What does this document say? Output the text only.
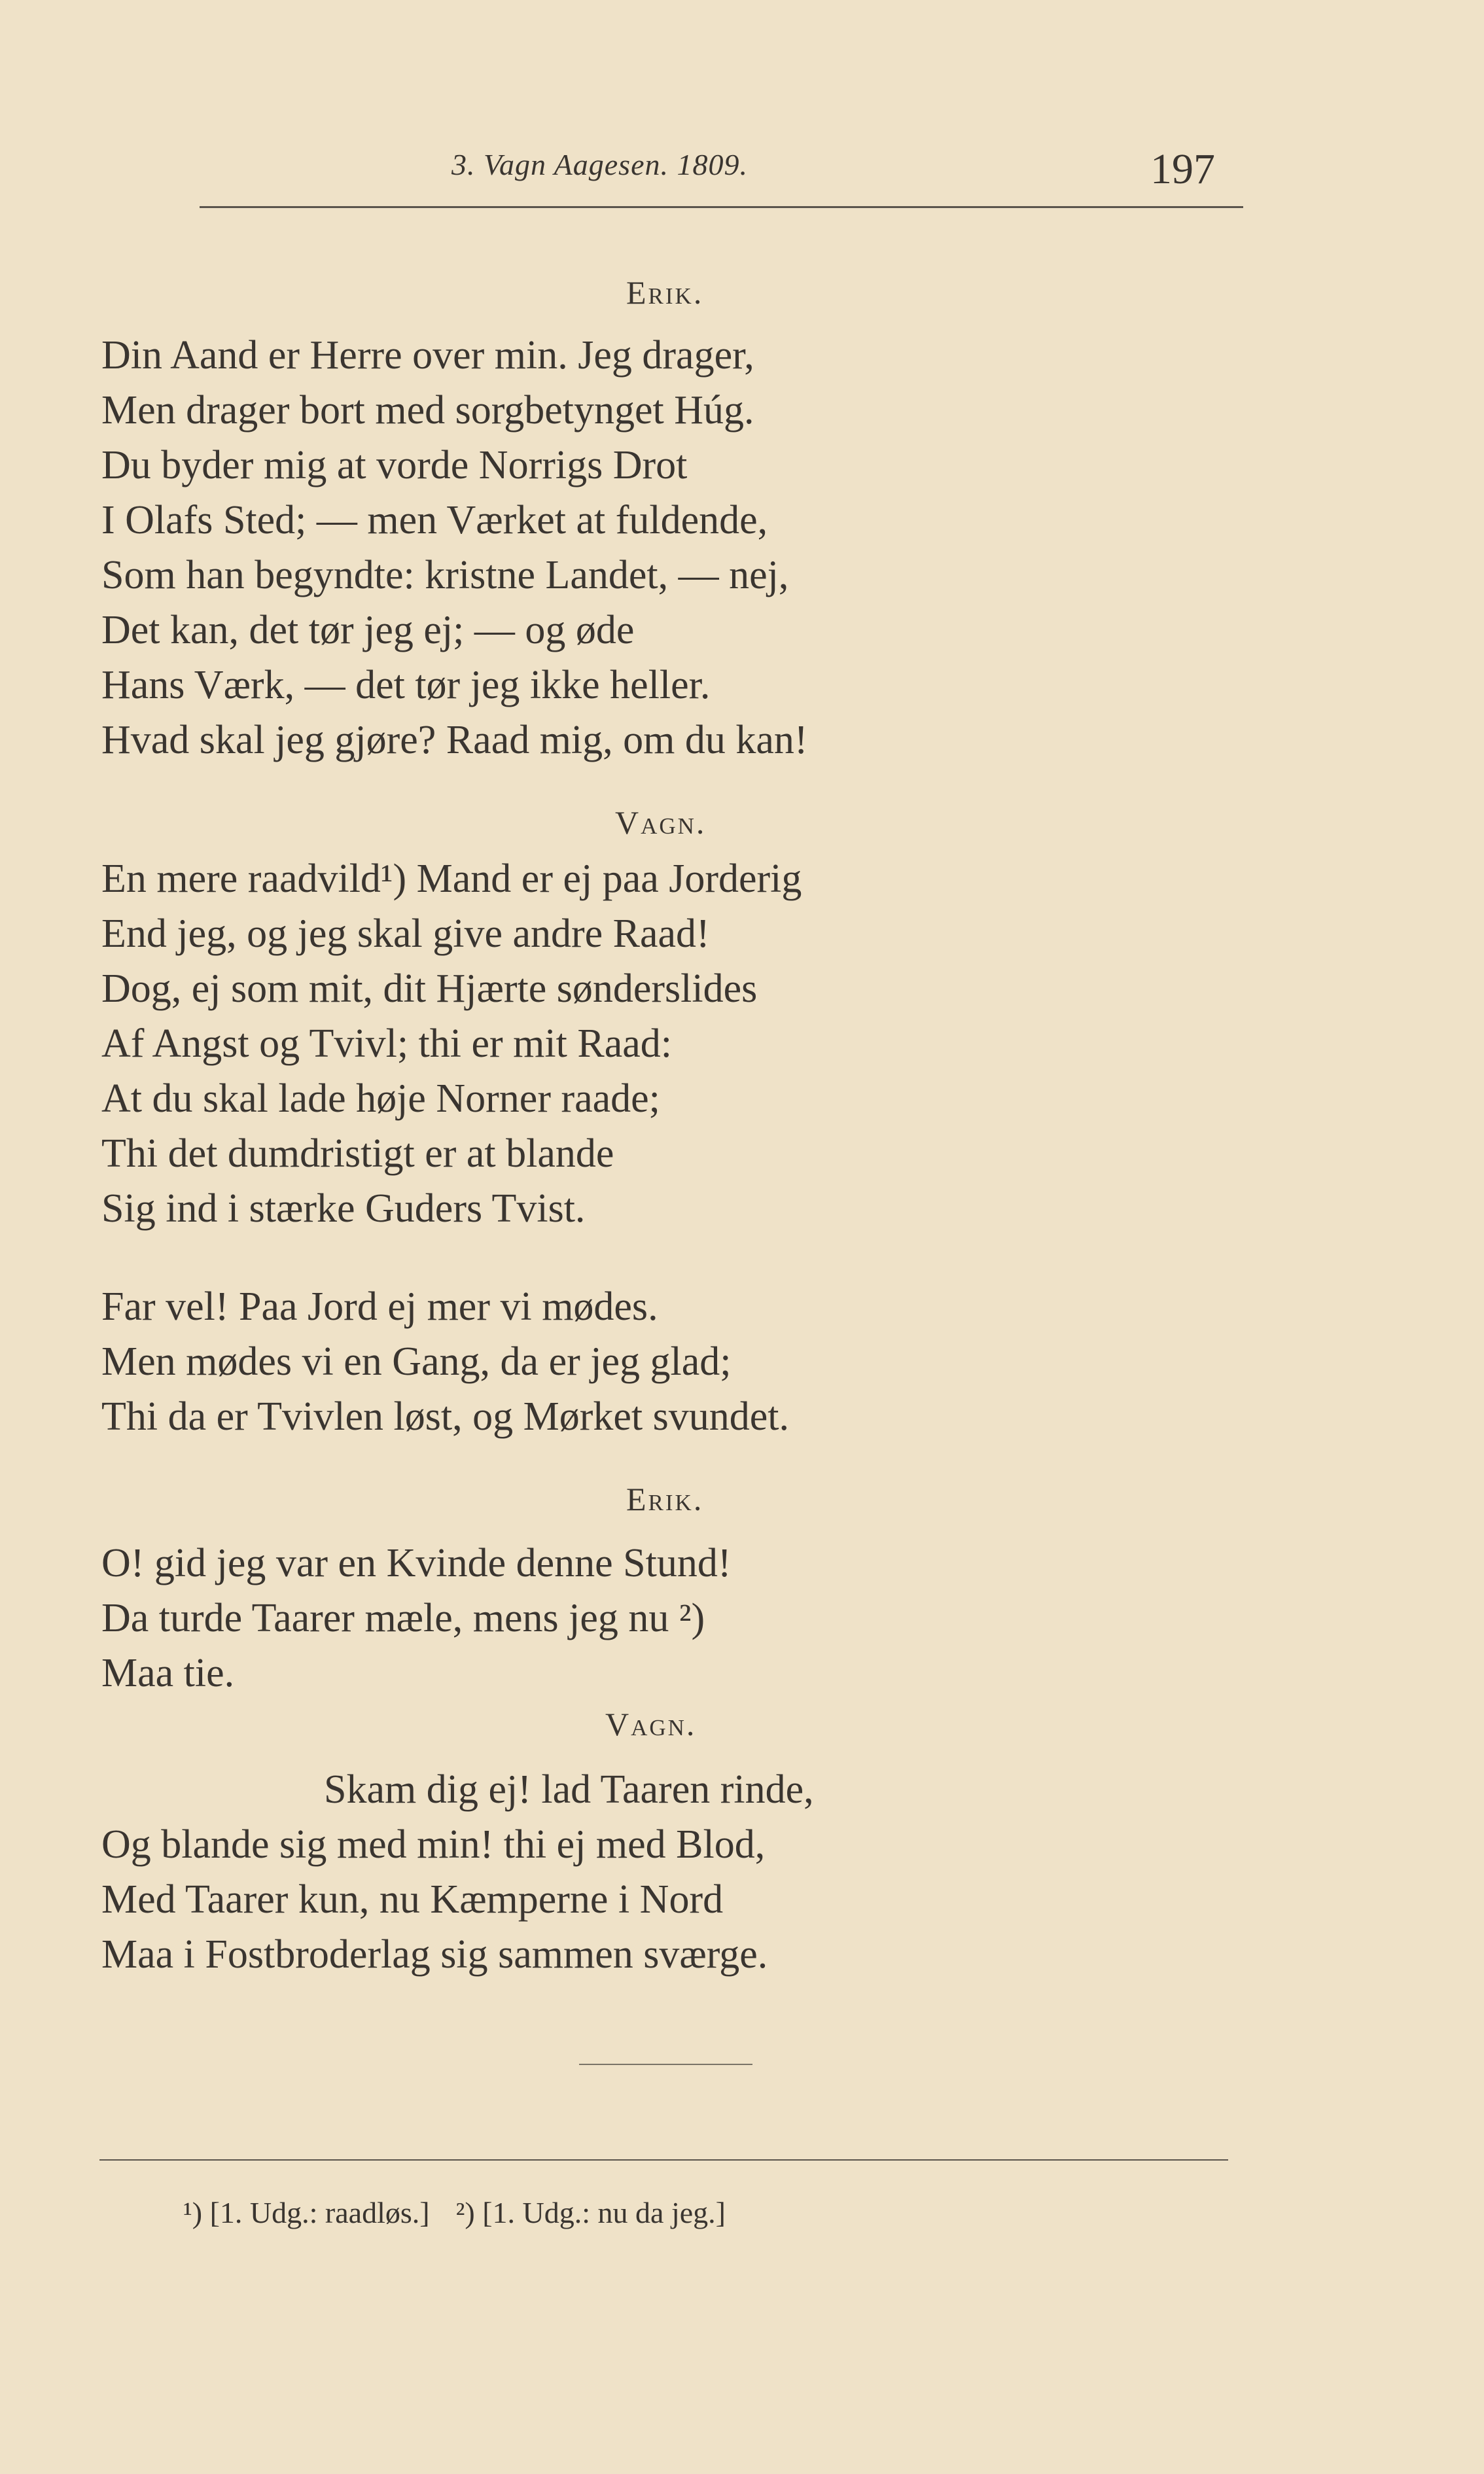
3. Vagn Aagesen. 1809.	197
Erik.
Din Aand er Herre over min. Jeg drager,
Men drager bort med sorgbetynget Húg.
Du byder mig at vorde Norrigs Drot
I Olafs Sted; — men Værket at fuldende,
Som han begyndte: kristne Landet, — nej,
Det kan, det tør jeg ej; — og øde
Hans Værk, — det tør jeg ikke heller.
Hvad skal jeg gjøre? Raad mig, om du kan!
Vagn.
En mere raadvild¹) Mand er ej paa Jorderig
End jeg, og jeg skal give andre Raad!
Dog, ej som mit, dit Hjærte sønderslides
Af Angst og Tvivl; thi er mit Raad:
At du skal lade høje Norner raade;
Thi det dumdristigt er at blande
Sig ind i stærke Guders Tvist.
Far vel! Paa Jord ej mer vi mødes.
Men mødes vi en Gang, da er jeg glad;
Thi da er Tvivlen løst, og Mørket svundet.
Erik.
O! gid jeg var en Kvinde denne Stund!
Da turde Taarer mæle, mens jeg nu ²)
Maa tie.
Vagn.
Skam dig ej! lad Taaren rinde,
Og blande sig med min! thi ej med Blod,
Med Taarer kun, nu Kæmperne i Nord
Maa i Fostbroderlag sig sammen sværge.
¹) [1. Udg.: raadløs.] ²) [1. Udg.: nu da jeg.]
